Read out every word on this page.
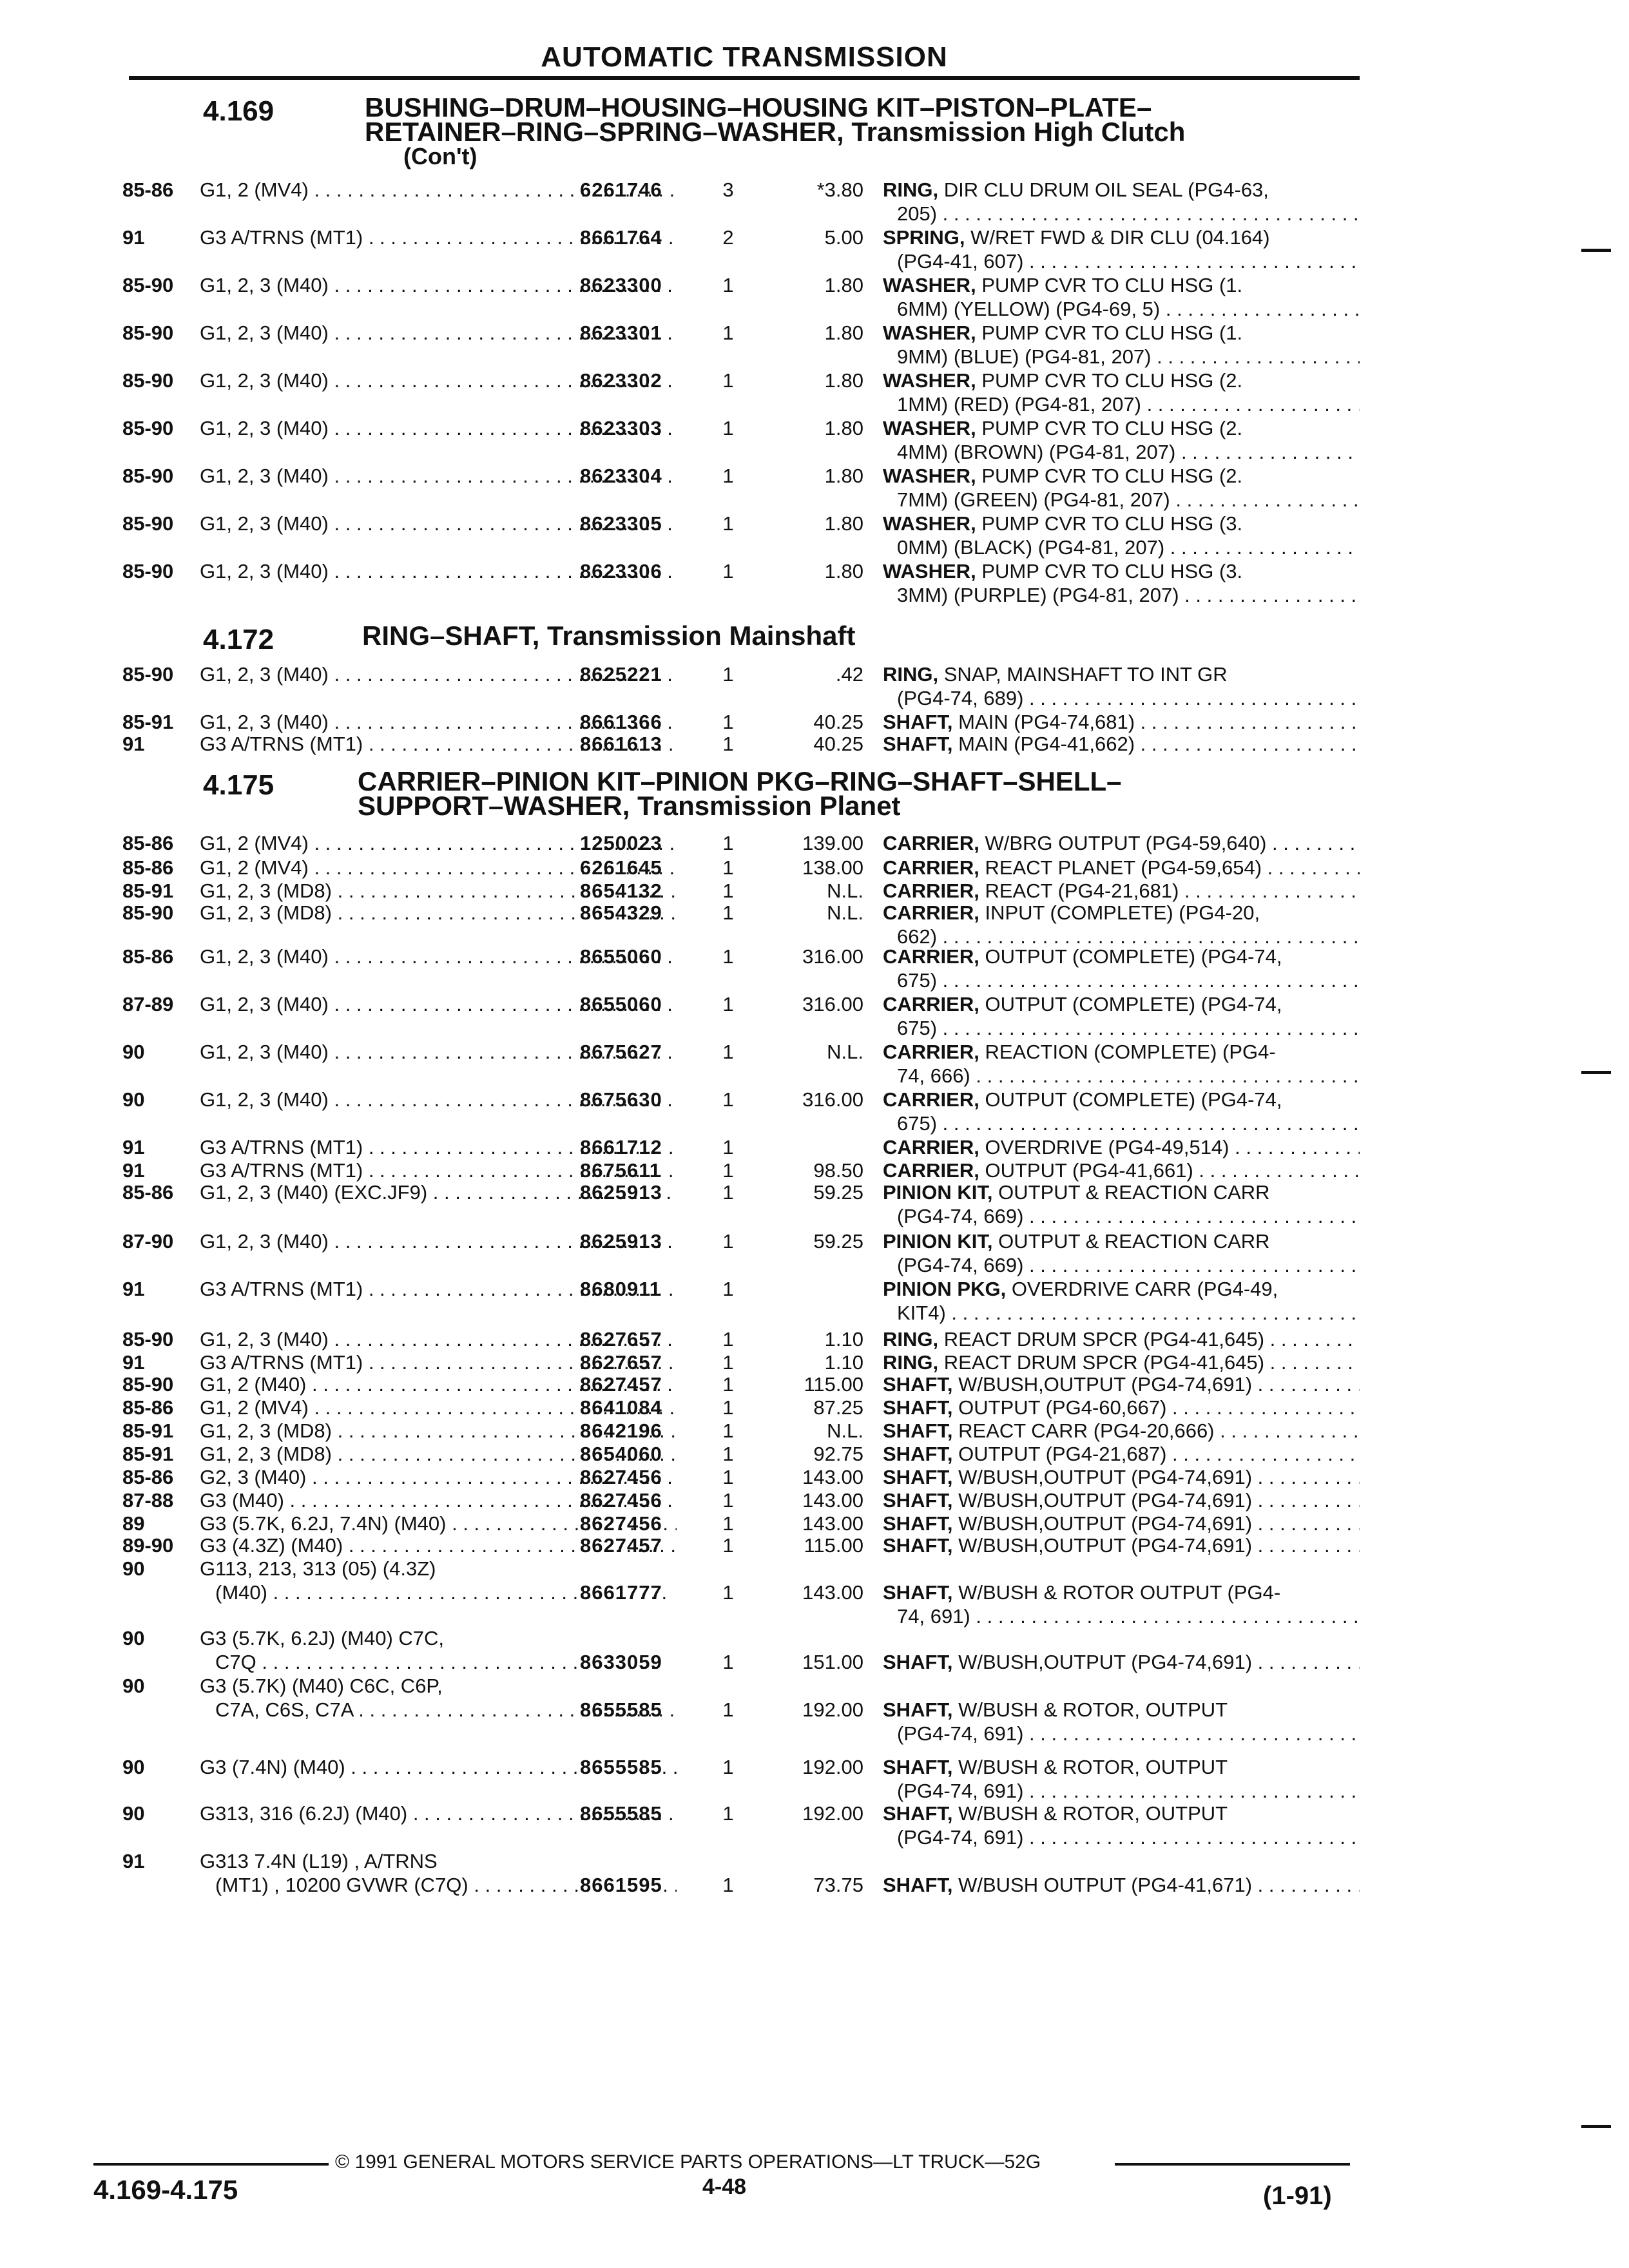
AUTOMATIC TRANSMISSION
4.169	BUSHING–DRUM–HOUSING–HOUSING KIT–PISTON–PLATE–
RETAINER–RING–SPRING–WASHER, Transmission High Clutch
(Con't)
85-86 G1, 2 (MV4) . . .	6261746	3	*3.80 RING, DIR CLU DRUM OIL SEAL (PG4-63,
205) . . .
91	G3 A/TRNS (MT1) . . .	8661764	2	5.00 SPRING, W/RET FWD & DIR CLU (04.164)
(PG4-41, 607) . . .
85-90 G1, 2, 3 (M40) . . .	8623300	1	1.80 WASHER, PUMP CVR TO CLU HSG (1.
6MM) (YELLOW) (PG4-69, 5) . . .
85-90 G1, 2, 3 (M40) . . .	8623301	1	1.80 WASHER, PUMP CVR TO CLU HSG (1.
9MM) (BLUE) (PG4-81, 207) . . .
85-90 G1, 2, 3 (M40) . . .	8623302	1	1.80 WASHER, PUMP CVR TO CLU HSG (2.
1MM) (RED) (PG4-81, 207) . . .
85-90 G1, 2, 3 (M40) . . .	8623303	1	1.80 WASHER, PUMP CVR TO CLU HSG (2.
4MM) (BROWN) (PG4-81, 207) . . .
85-90 G1, 2, 3 (M40) . . .	8623304	1	1.80 WASHER, PUMP CVR TO CLU HSG (2.
7MM) (GREEN) (PG4-81, 207) . . .
85-90 G1, 2, 3 (M40) . . .	8623305	1	1.80 WASHER, PUMP CVR TO CLU HSG (3.
0MM) (BLACK) (PG4-81, 207) . . .
85-90 G1, 2, 3 (M40) . . .	8623306	1	1.80 WASHER, PUMP CVR TO CLU HSG (3.
3MM) (PURPLE) (PG4-81, 207) . . .
4.172	RING–SHAFT, Transmission Mainshaft
85-90 G1, 2, 3 (M40) . . .	8625221	1	.42 RING, SNAP, MAINSHAFT TO INT GR
(PG4-74, 689) . . .
85-91 G1, 2, 3 (M40) . . .	8661366	1	40.25 SHAFT, MAIN (PG4-74,681) . . .
91	G3 A/TRNS (MT1) . . .	8661613	1	40.25 SHAFT, MAIN (PG4-41,662) . . .
4.175	CARRIER–PINION KIT–PINION PKG–RING–SHAFT–SHELL–
SUPPORT–WASHER, Transmission Planet
85-86 G1, 2 (MV4) . . .	1250023	1	139.00 CARRIER, W/BRG OUTPUT (PG4-59,640) . . .
85-86 G1, 2 (MV4) . . .	6261645	1	138.00 CARRIER, REACT PLANET (PG4-59,654) . . .
85-91 G1, 2, 3 (MD8) . . .	8654132	1	N.L. CARRIER, REACT (PG4-21,681) . . .
85-90 G1, 2, 3 (MD8) . . .	8654329	1	N.L. CARRIER, INPUT (COMPLETE) (PG4-20,
662) . . .
85-86 G1, 2, 3 (M40) . . .	8655060	1	316.00 CARRIER, OUTPUT (COMPLETE) (PG4-74,
675) . . .
87-89 G1, 2, 3 (M40) . . .	8655060	1	316.00 CARRIER, OUTPUT (COMPLETE) (PG4-74,
675) . . .
90	G1, 2, 3 (M40) . . .	8675627	1	N.L. CARRIER, REACTION (COMPLETE) (PG4-
74, 666) . . .
90	G1, 2, 3 (M40) . . .	8675630	1	316.00 CARRIER, OUTPUT (COMPLETE) (PG4-74,
675) . . .
91	G3 A/TRNS (MT1) . . .	8661712	1	CARRIER, OVERDRIVE (PG4-49,514) . . .
91	G3 A/TRNS (MT1) . . .	8675611	1	98.50 CARRIER, OUTPUT (PG4-41,661) . . .
85-86 G1, 2, 3 (M40) (EXC.JF9) . . .	8625913	1	59.25 PINION KIT, OUTPUT & REACTION CARR
(PG4-74, 669) . . .
87-90 G1, 2, 3 (M40) . . .	8625913	1	59.25 PINION KIT, OUTPUT & REACTION CARR
(PG4-74, 669) . . .
91	G3 A/TRNS (MT1) . . .	8680911	1	PINION PKG, OVERDRIVE CARR (PG4-49,
KIT4) . . .
85-90 G1, 2, 3 (M40) . . .	8627657	1	1.10 RING, REACT DRUM SPCR (PG4-41,645) . . .
91	G3 A/TRNS (MT1) . . .	8627657	1	1.10 RING, REACT DRUM SPCR (PG4-41,645) . . .
85-90 G1, 2 (M40) . . .	8627457	1	115.00 SHAFT, W/BUSH,OUTPUT (PG4-74,691) . . .
85-86 G1, 2 (MV4) . . .	8641084	1	87.25 SHAFT, OUTPUT (PG4-60,667) . . .
85-91 G1, 2, 3 (MD8) . . .	8642196	1	N.L. SHAFT, REACT CARR (PG4-20,666) . . .
85-91 G1, 2, 3 (MD8) . . .	8654060	1	92.75 SHAFT, OUTPUT (PG4-21,687) . . .
85-86 G2, 3 (M40) . . .	8627456	1	143.00 SHAFT, W/BUSH,OUTPUT (PG4-74,691) . . .
87-88 G3 (M40) . . .	8627456	1	143.00 SHAFT, W/BUSH,OUTPUT (PG4-74,691) . . .
89	G3 (5.7K, 6.2J, 7.4N) (M40) . . .	8627456	1	143.00 SHAFT, W/BUSH,OUTPUT (PG4-74,691) . . .
89-90 G3 (4.3Z) (M40) . . .	8627457	1	115.00 SHAFT, W/BUSH,OUTPUT (PG4-74,691) . . .
90	G113, 213, 313 (05) (4.3Z)
(M40) . . .	8661777	1	143.00 SHAFT, W/BUSH & ROTOR OUTPUT (PG4-
74, 691) . . .
90	G3 (5.7K, 6.2J) (M40) C7C,
C7Q . . .	8633059	1	151.00 SHAFT, W/BUSH,OUTPUT (PG4-74,691) . . .
90	G3 (5.7K) (M40) C6C, C6P,
C7A, C6S, C7A . . .	8655585	1	192.00 SHAFT, W/BUSH & ROTOR, OUTPUT
(PG4-74, 691) . . .
90	G3 (7.4N) (M40) . . .	8655585	1	192.00 SHAFT, W/BUSH & ROTOR, OUTPUT
(PG4-74, 691) . . .
90	G313, 316 (6.2J) (M40) . . .	8655585	1	192.00 SHAFT, W/BUSH & ROTOR, OUTPUT
(PG4-74, 691) . . .
91	G313 7.4N (L19) , A/TRNS
(MT1) , 10200 GVWR (C7Q) . . .	8661595	1	73.75 SHAFT, W/BUSH OUTPUT (PG4-41,671) . . .
© 1991 GENERAL MOTORS SERVICE PARTS OPERATIONS—LT TRUCK—52G
4.169-4.175	4-48	(1-91)
